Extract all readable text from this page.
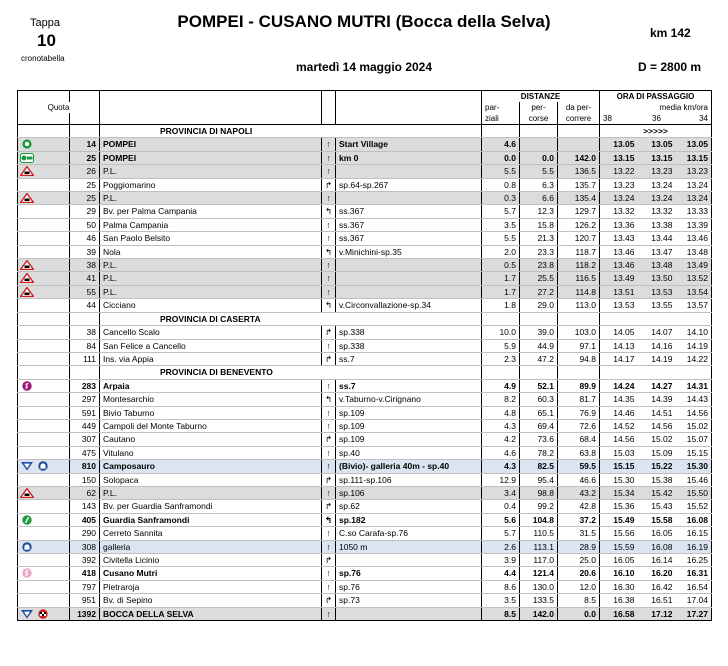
Tappa
10
cronotabella
POMPEI - CUSANO MUTRI (Bocca della Selva)
martedì 14 maggio 2024
km 142
D = 2800 m
					DISTANZE			ORA DI PASSAGGIO		
Quota					par-	per-	da per-	media km/ora		
					ziali	corse	correre	38	36	34
		PROVINCIA DI NAPOLI						>>>>>		

	14	POMPEI	↑	Start Village	4.6			13.05	13.05	13.05

	25	POMPEI	↑	km 0	0.0	0.0	142.0	13.15	13.15	13.15

	26	P.L.	↑		5.5	5.5	136.5	13.22	13.23	13.23
	25	Poggiomarino	↱	sp.64-sp.267	0.8	6.3	135.7	13.23	13.24	13.24

	25	P.L.	↑		0.3	6.6	135.4	13.24	13.24	13.24
	29	Bv. per Palma Campania	↰	ss.367	5.7	12.3	129.7	13.32	13.32	13.33
	50	Palma Campania	↑	ss.367	3.5	15.8	126.2	13.36	13.38	13.39
	46	San Paolo Belsito	↑	ss.367	5.5	21.3	120.7	13.43	13.44	13.46
	39	Nola	↰	v.Minichini-sp.35	2.0	23.3	118.7	13.46	13.47	13.48

	38	P.L.	↑		0.5	23.8	118.2	13.46	13.48	13.49

	41	P.L.	↑		1.7	25.5	116.5	13.49	13.50	13.52

	55	P.L.	↑		1.7	27.2	114.8	13.51	13.53	13.54
	44	Cicciano	↰	v.Circonvallazione-sp.34	1.8	29.0	113.0	13.53	13.55	13.57
		PROVINCIA DI CASERTA								
	38	Cancello Scalo	↱	sp.338	10.0	39.0	103.0	14.05	14.07	14.10
	84	San Felice a Cancello	↑	sp.338	5.9	44.9	97.1	14.13	14.16	14.19
	111	Ins. via Appia	↱	ss.7	2.3	47.2	94.8	14.17	14.19	14.22
		PROVINCIA DI BENEVENTO								

	283	Arpaia	↑	ss.7	4.9	52.1	89.9	14.24	14.27	14.31
	297	Montesarchio	↰	v.Taburno-v.Cirignano	8.2	60.3	81.7	14.35	14.39	14.43
	591	Bivio Taburno	↑	sp.109	4.8	65.1	76.9	14.46	14.51	14.56
	449	Campoli del Monte Taburno	↑	sp.109	4.3	69.4	72.6	14.52	14.56	15.02
	307	Cautano	↱	sp.109	4.2	73.6	68.4	14.56	15.02	15.07
	475	Vitulano	↑	sp.40	4.6	78.2	63.8	15.03	15.09	15.15

	810	Camposauro	↑	(Bivio)- galleria 40m - sp.40	4.3	82.5	59.5	15.15	15.22	15.30
	150	Solopaca	↱	sp.111-sp.106	12.9	95.4	46.6	15.30	15.38	15.46

	62	P.L.	↑	sp.106	3.4	98.8	43.2	15.34	15.42	15.50
	143	Bv. per Guardia Sanframondi	↱	sp.62	0.4	99.2	42.8	15.36	15.43	15.52

	405	Guardia Sanframondi	↰	sp.182	5.6	104.8	37.2	15.49	15.58	16.08
	290	Cerreto Sannita	↑	C.so Carafa-sp.76	5.7	110.5	31.5	15.56	16.05	16.15

	308	galleria	↑	1050 m	2.6	113.1	28.9	15.59	16.08	16.19
	392	Civitella Licinio	↱		3.9	117.0	25.0	16.05	16.14	16.25

	418	Cusano Mutri	↑	sp.76	4.4	121.4	20.6	16.10	16.20	16.31
	797	Pietraroja	↑	sp.76	8.6	130.0	12.0	16.30	16.42	16.54
	951	Bv. di Sepino	↱	sp.73	3.5	133.5	8.5	16.38	16.51	17.04

	1392	BOCCA DELLA SELVA	↑		8.5	142.0	0.0	16.58	17.12	17.27
